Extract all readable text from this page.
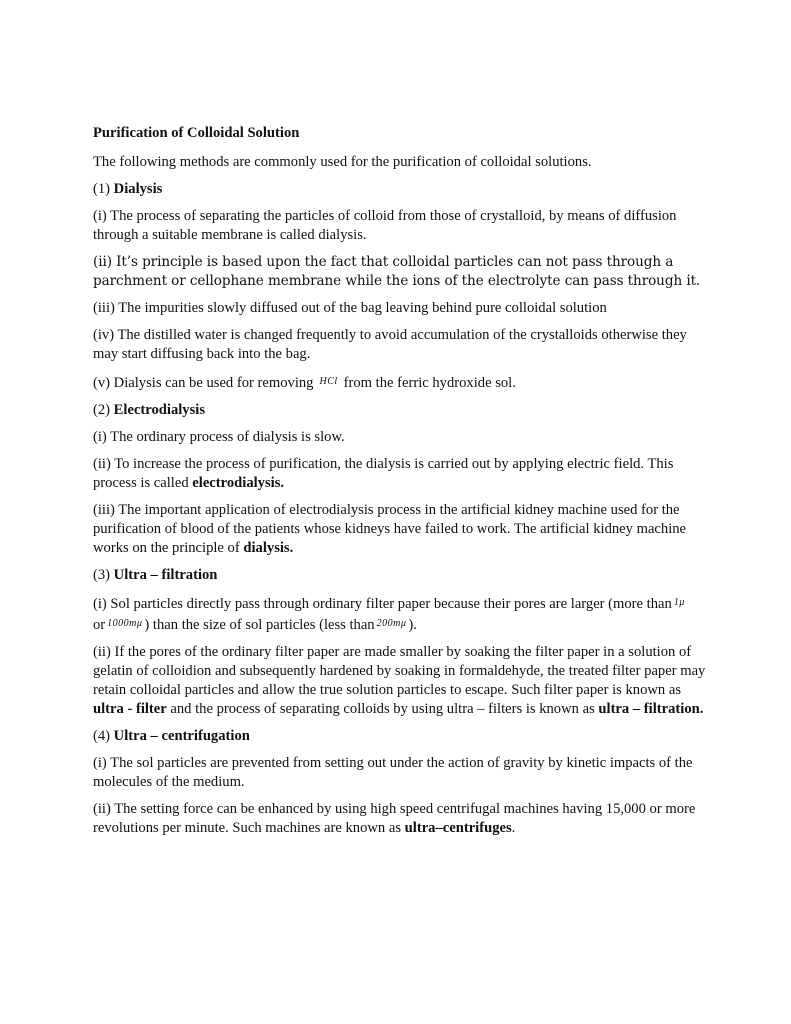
Purification of Colloidal Solution

The following methods are commonly used for the purification of colloidal solutions.

(1) Dialysis

(i) The process of separating the particles of colloid from those of crystalloid, by means of diffusion through a suitable membrane is called dialysis.

(ii) It’s principle is based upon the fact that colloidal particles can not pass through a parchment or cellophane membrane while the ions of the electrolyte can pass through it.

(iii) The impurities slowly diffused out of the bag leaving behind pure colloidal solution

(iv) The distilled water is changed frequently to avoid accumulation of the crystalloids otherwise they may start diffusing back into the bag.

(v) Dialysis can be used for removing $^{HCl}$ from the ferric hydroxide sol.

(2) Electrodialysis

(i) The ordinary process of dialysis is slow.

(ii) To increase the process of purification, the dialysis is carried out by applying electric field. This process is called electrodialysis.

(iii) The important application of electrodialysis process in the artificial kidney machine used for the purification of blood of the patients whose kidneys have failed to work. The artificial kidney machine works on the principle of dialysis.

(3) Ultra – filtration

(i) Sol particles directly pass through ordinary filter paper because their pores are larger (more than $^{1\mu}$ or $^{1000m\mu}$ ) than the size of sol particles (less than $^{200m\mu}$ ).

(ii) If the pores of the ordinary filter paper are made smaller by soaking the filter paper in a solution of gelatin of colloidion and subsequently hardened by soaking in formaldehyde, the treated filter paper may retain colloidal particles and allow the true solution particles to escape. Such filter paper is known as ultra - filter and the process of separating colloids by using ultra – filters is known as ultra – filtration.

(4) Ultra – centrifugation

(i) The sol particles are prevented from setting out under the action of gravity by kinetic impacts of the molecules of the medium.

(ii) The setting force can be enhanced by using high speed centrifugal machines having 15,000 or more revolutions per minute. Such machines are known as ultra–centrifuges.
